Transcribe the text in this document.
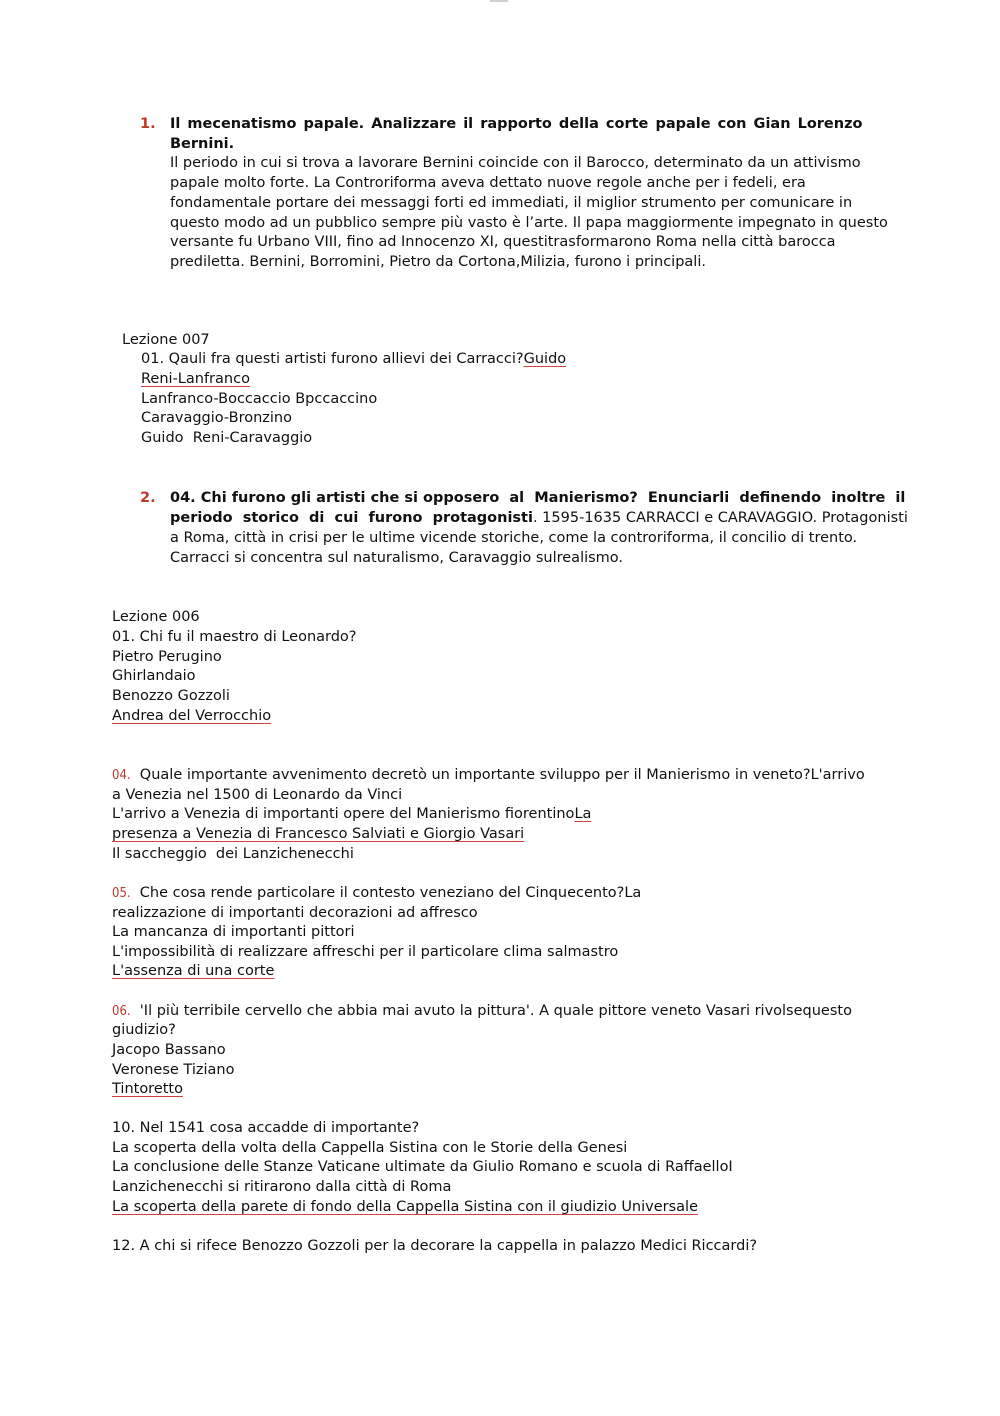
1. Il mecenatismo papale. Analizzare il rapporto della corte papale con Gian Lorenzo
Bernini.
Il periodo in cui si trova a lavorare Bernini coincide con il Barocco, determinato da un attivismo
papale molto forte. La Controriforma aveva dettato nuove regole anche per i fedeli, era
fondamentale portare dei messaggi forti ed immediati, il miglior strumento per comunicare in
questo modo ad un pubblico sempre più vasto è l’arte. Il papa maggiormente impegnato in questo
versante fu Urbano VIII, fino ad Innocenzo XI, questitrasformarono Roma nella città barocca
prediletta. Bernini, Borromini, Pietro da Cortona,Milizia, furono i principali.
Lezione 007
01. Qauli fra questi artisti furono allievi dei Carracci?Guido
Reni-Lanfranco
Lanfranco-Boccaccio Bpccaccino
Caravaggio-Bronzino
Guido  Reni-Caravaggio
2. 04. Chi furono gli artisti che si opposero  al  Manierismo?  Enunciarli  definendo  inoltre  il
periodo  storico  di  cui  furono  protagonisti. 1595-1635 CARRACCI e CARAVAGGIO. Protagonisti
a Roma, città in crisi per le ultime vicende storiche, come la controriforma, il concilio di trento.
Carracci si concentra sul naturalismo, Caravaggio sulrealismo.
Lezione 006
01. Chi fu il maestro di Leonardo?
Pietro Perugino
Ghirlandaio
Benozzo Gozzoli
Andrea del Verrocchio
04.  Quale importante avvenimento decretò un importante sviluppo per il Manierismo in veneto?L'arrivo
a Venezia nel 1500 di Leonardo da Vinci
L'arrivo a Venezia di importanti opere del Manierismo fiorentinoLa
presenza a Venezia di Francesco Salviati e Giorgio Vasari
Il saccheggio  dei Lanzichenecchi
05.  Che cosa rende particolare il contesto veneziano del Cinquecento?La
realizzazione di importanti decorazioni ad affresco
La mancanza di importanti pittori
L'impossibilità di realizzare affreschi per il particolare clima salmastro
L'assenza di una corte
06.  'Il più terribile cervello che abbia mai avuto la pittura'. A quale pittore veneto Vasari rivolsequesto
giudizio?
Jacopo Bassano
Veronese Tiziano
Tintoretto
10. Nel 1541 cosa accadde di importante?
La scoperta della volta della Cappella Sistina con le Storie della Genesi
La conclusione delle Stanze Vaticane ultimate da Giulio Romano e scuola di RaffaelloI
Lanzichenecchi si ritirarono dalla città di Roma
La scoperta della parete di fondo della Cappella Sistina con il giudizio Universale
12. A chi si rifece Benozzo Gozzoli per la decorare la cappella in palazzo Medici Riccardi?
